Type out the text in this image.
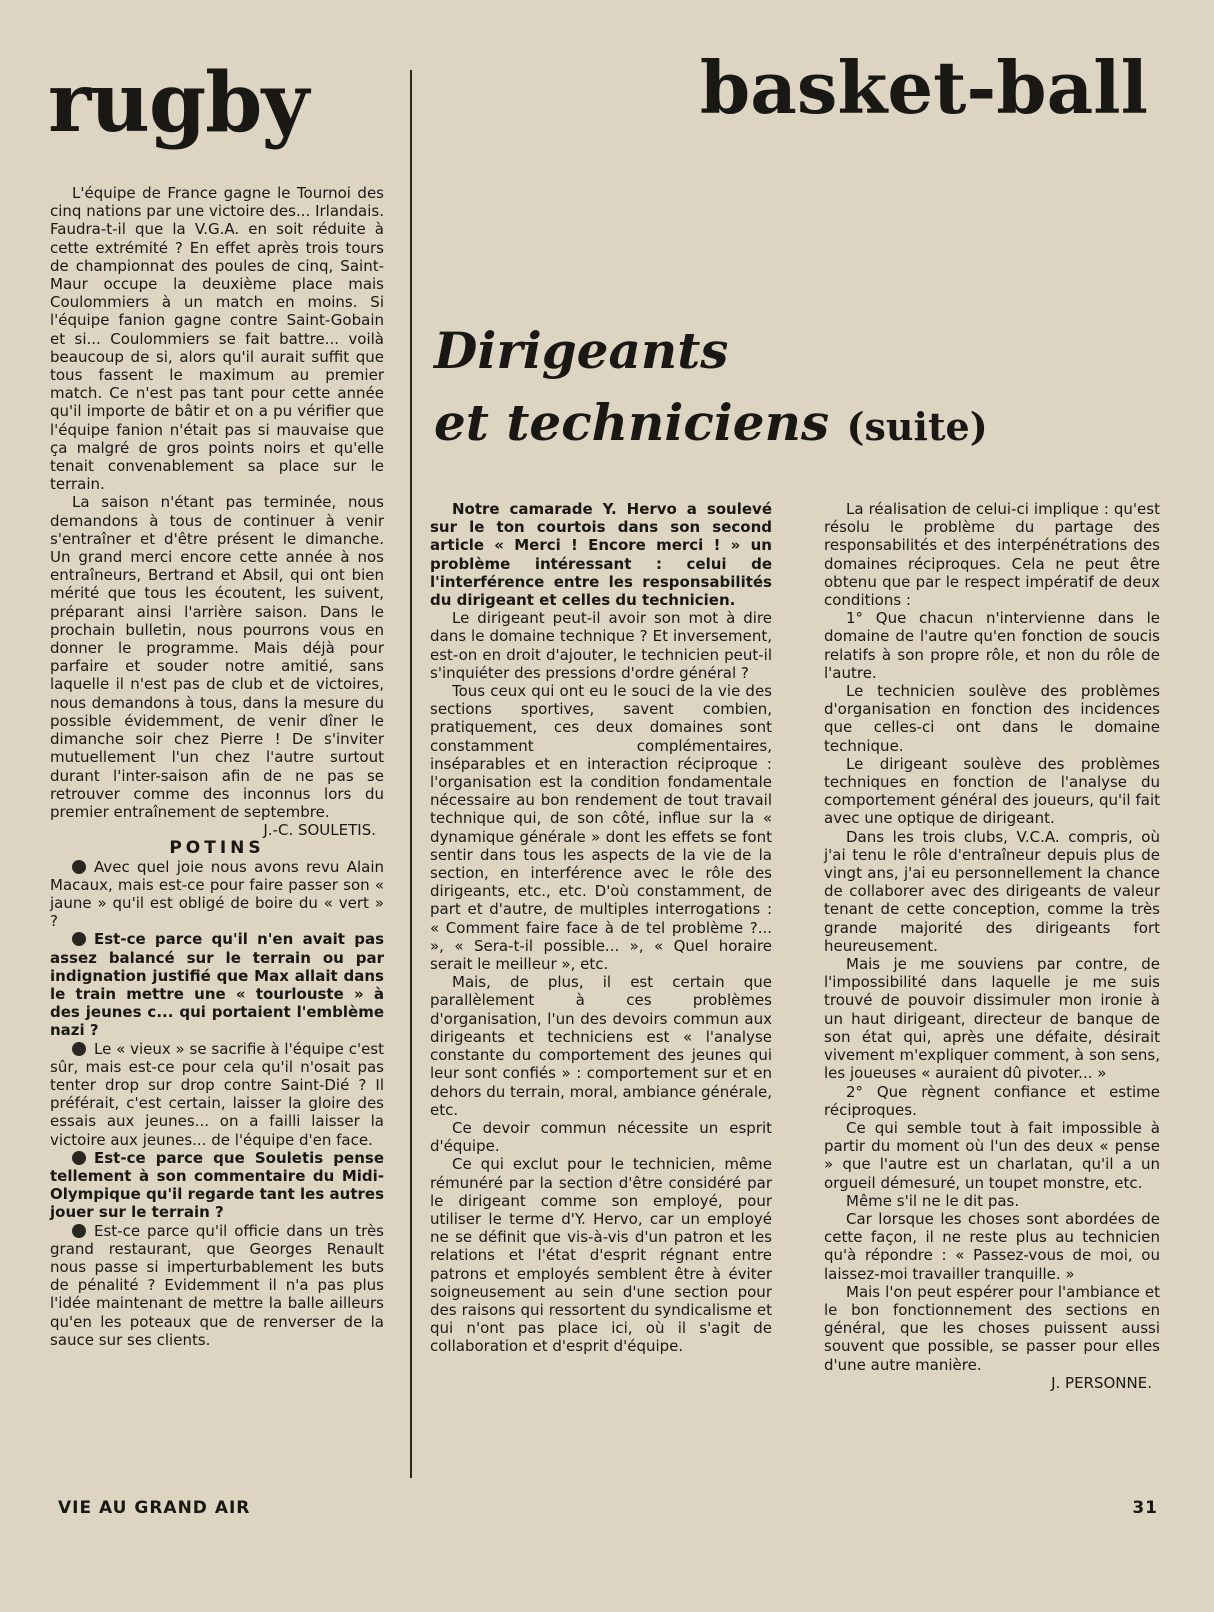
rugby	basket-ball
Dirigeants
et techniciens (suite)

L'équipe de France gagne le Tournoi des cinq nations par une victoire des... Irlandais. Faudra-t-il que la V.G.A. en soit réduite à cette extrémité ? En effet après trois tours de championnat des poules de cinq, Saint-Maur occupe la deuxième place mais Coulommiers à un match en moins. Si l'équipe fanion gagne contre Saint-Gobain et si... Coulommiers se fait battre... voilà beaucoup de si, alors qu'il aurait suffit que tous fassent le maximum au premier match. Ce n'est pas tant pour cette année qu'il importe de bâtir et on a pu vérifier que l'équipe fanion n'était pas si mauvaise que ça malgré de gros points noirs et qu'elle tenait convenablement sa place sur le terrain.

La saison n'étant pas terminée, nous demandons à tous de continuer à venir s'entraîner et d'être présent le dimanche. Un grand merci encore cette année à nos entraîneurs, Bertrand et Absil, qui ont bien mérité que tous les écoutent, les suivent, préparant ainsi l'arrière saison. Dans le prochain bulletin, nous pourrons vous en donner le programme. Mais déjà pour parfaire et souder notre amitié, sans laquelle il n'est pas de club et de victoires, nous demandons à tous, dans la mesure du possible évidemment, de venir dîner le dimanche soir chez Pierre ! De s'inviter mutuellement l'un chez l'autre surtout durant l'inter-saison afin de ne pas se retrouver comme des inconnus lors du premier entraînement de septembre.

J.-C. SOULETIS.

POTINS

Avec quel joie nous avons revu Alain Macaux, mais est-ce pour faire passer son « jaune » qu'il est obligé de boire du « vert » ?

Est-ce parce qu'il n'en avait pas assez balancé sur le terrain ou par indignation justifié que Max allait dans le train mettre une « tourlouste » à des jeunes c... qui portaient l'emblème nazi ?

Le « vieux » se sacrifie à l'équipe c'est sûr, mais est-ce pour cela qu'il n'osait pas tenter drop sur drop contre Saint-Dié ? Il préférait, c'est certain, laisser la gloire des essais aux jeunes... on a failli laisser la victoire aux jeunes... de l'équipe d'en face.

Est-ce parce que Souletis pense tellement à son commentaire du Midi-Olympique qu'il regarde tant les autres jouer sur le terrain ?

Est-ce parce qu'il officie dans un très grand restaurant, que Georges Renault nous passe si imperturbablement les buts de pénalité ? Evidemment il n'a pas plus l'idée maintenant de mettre la balle ailleurs qu'en les poteaux que de renverser de la sauce sur ses clients.

Notre camarade Y. Hervo a soulevé sur le ton courtois dans son second article « Merci ! Encore merci ! » un problème intéressant : celui de l'interférence entre les responsabilités du dirigeant et celles du technicien.

Le dirigeant peut-il avoir son mot à dire dans le domaine technique ? Et inversement, est-on en droit d'ajouter, le technicien peut-il s'inquiéter des pressions d'ordre général ?

Tous ceux qui ont eu le souci de la vie des sections sportives, savent combien, pratiquement, ces deux domaines sont constamment complémentaires, inséparables et en interaction réciproque : l'organisation est la condition fondamentale nécessaire au bon rendement de tout travail technique qui, de son côté, influe sur la « dynamique générale » dont les effets se font sentir dans tous les aspects de la vie de la section, en interférence avec le rôle des dirigeants, etc., etc. D'où constamment, de part et d'autre, de multiples interrogations : « Comment faire face à de tel problème ?... », « Sera-t-il possible... », « Quel horaire serait le meilleur », etc.

Mais, de plus, il est certain que parallèlement à ces problèmes d'organisation, l'un des devoirs commun aux dirigeants et techniciens est « l'analyse constante du comportement des jeunes qui leur sont confiés » : comportement sur et en dehors du terrain, moral, ambiance générale, etc.

Ce devoir commun nécessite un esprit d'équipe.

Ce qui exclut pour le technicien, même rémunéré par la section d'être considéré par le dirigeant comme son employé, pour utiliser le terme d'Y. Hervo, car un employé ne se définit que vis-à-vis d'un patron et les relations et l'état d'esprit régnant entre patrons et employés semblent être à éviter soigneusement au sein d'une section pour des raisons qui ressortent du syndicalisme et qui n'ont pas place ici, où il s'agit de collaboration et d'esprit d'équipe.

La réalisation de celui-ci implique : qu'est résolu le problème du partage des responsabilités et des interpénétrations des domaines réciproques. Cela ne peut être obtenu que par le respect impératif de deux conditions :

1° Que chacun n'intervienne dans le domaine de l'autre qu'en fonction de soucis relatifs à son propre rôle, et non du rôle de l'autre.

Le technicien soulève des problèmes d'organisation en fonction des incidences que celles-ci ont dans le domaine technique.

Le dirigeant soulève des problèmes techniques en fonction de l'analyse du comportement général des joueurs, qu'il fait avec une optique de dirigeant.

Dans les trois clubs, V.C.A. compris, où j'ai tenu le rôle d'entraîneur depuis plus de vingt ans, j'ai eu personnellement la chance de collaborer avec des dirigeants de valeur tenant de cette conception, comme la très grande majorité des dirigeants fort heureusement.

Mais je me souviens par contre, de l'impossibilité dans laquelle je me suis trouvé de pouvoir dissimuler mon ironie à un haut dirigeant, directeur de banque de son état qui, après une défaite, désirait vivement m'expliquer comment, à son sens, les joueuses « auraient dû pivoter... »

2° Que règnent confiance et estime réciproques.

Ce qui semble tout à fait impossible à partir du moment où l'un des deux « pense » que l'autre est un charlatan, qu'il a un orgueil démesuré, un toupet monstre, etc.

Même s'il ne le dit pas.

Car lorsque les choses sont abordées de cette façon, il ne reste plus au technicien qu'à répondre : « Passez-vous de moi, ou laissez-moi travailler tranquille. »

Mais l'on peut espérer pour l'ambiance et le bon fonctionnement des sections en général, que les choses puissent aussi souvent que possible, se passer pour elles d'une autre manière.

J. PERSONNE.

VIE AU GRAND AIR	31
